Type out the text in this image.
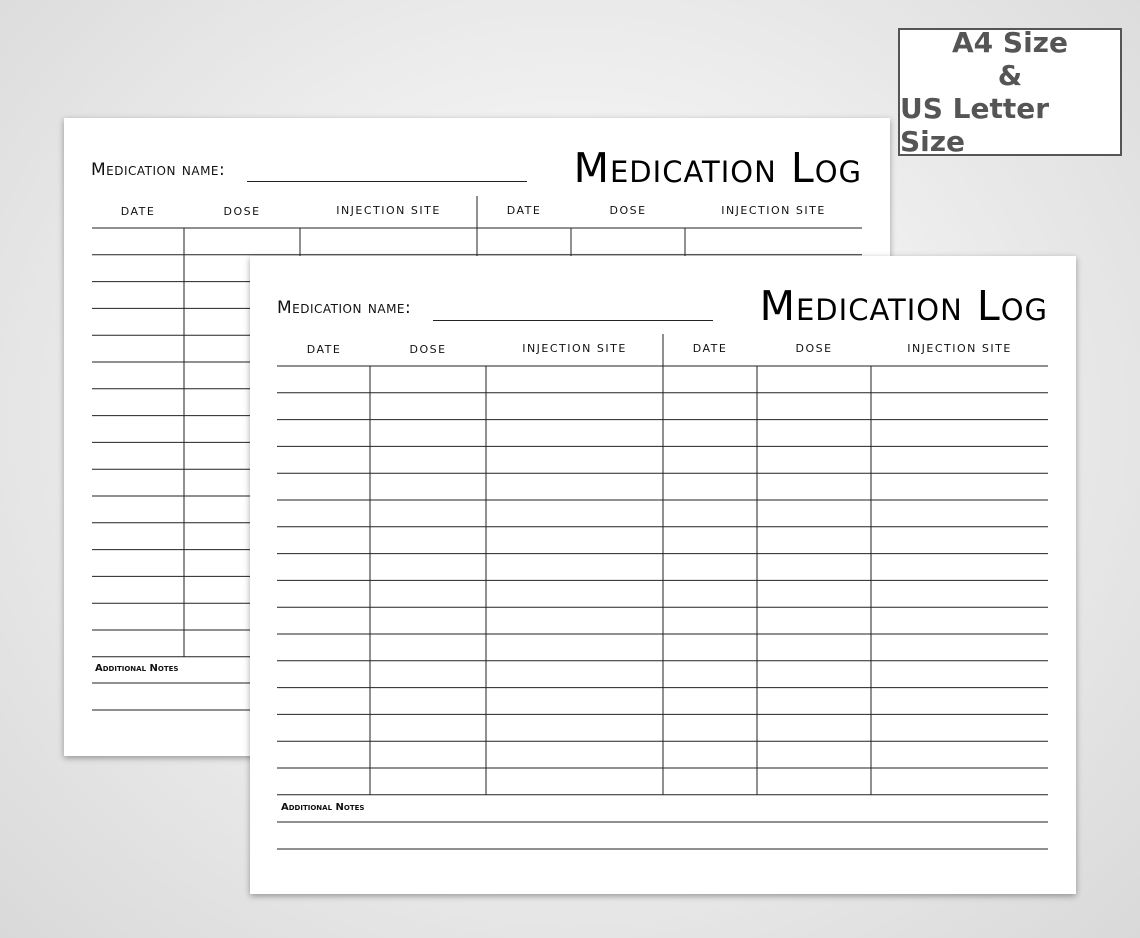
A4 Size
&
US Letter Size
Medication name:	Medication Log
DATE	DOSE	INJECTION SITE	DATE	DOSE	INJECTION SITE
Additional Notes
Medication name:	Medication Log
DATE	DOSE	INJECTION SITE	DATE	DOSE	INJECTION SITE
Additional Notes
